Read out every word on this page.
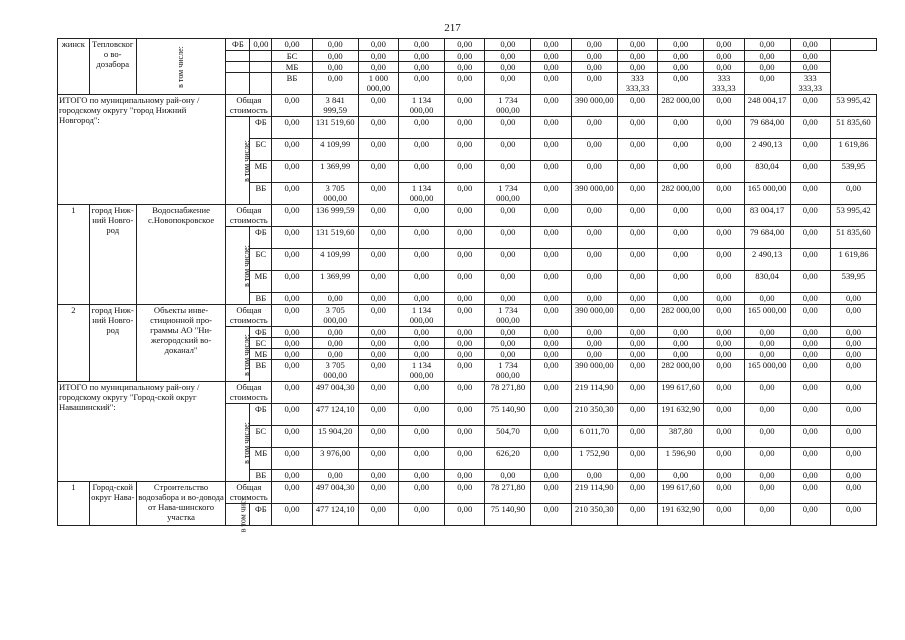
217
жинск	Тепловского во-дозабора	в том числе:	ФБ	0,00	0,00	0,00	0,00	0,00	0,00	0,00	0,00	0,00	0,00	0,00	0,00	0,00	0,00	
					БС	0,00	0,00	0,00	0,00	0,00	0,00	0,00	0,00	0,00	0,00	0,00	0,00	
					МБ	0,00	0,00	0,00	0,00	0,00	0,00	0,00	0,00	0,00	0,00	0,00	0,00	
					ВБ	0,00	1 000 000,00	0,00	0,00	0,00	0,00	0,00	333 333,33	0,00	333 333,33	0,00	333 333,33	
ИТОГО по муниципальному рай-ону / городскому округу "город Нижний Новгород":			Общая стоимость		0,00	3 841 999,59	0,00	1 134 000,00	0,00	1 734 000,00	0,00	390 000,00	0,00	282 000,00	0,00	248 004,17	0,00	53 995,42
			в том числе:	ФБ	0,00	131 519,60	0,00	0,00	0,00	0,00	0,00	0,00	0,00	0,00	0,00	79 684,00	0,00	51 835,60
				БС	0,00	4 109,99	0,00	0,00	0,00	0,00	0,00	0,00	0,00	0,00	0,00	2 490,13	0,00	1 619,86
				МБ	0,00	1 369,99	0,00	0,00	0,00	0,00	0,00	0,00	0,00	0,00	0,00	830,04	0,00	539,95
				ВБ	0,00	3 705 000,00	0,00	1 134 000,00	0,00	1 734 000,00	0,00	390 000,00	0,00	282 000,00	0,00	165 000,00	0,00	0,00
1	город Ниж-ний Новго-род	Водоснабжение с.Новопокровское	Общая стоимость		0,00	136 999,59	0,00	0,00	0,00	0,00	0,00	0,00	0,00	0,00	0,00	83 004,17	0,00	53 995,42
			в том числе:	ФБ	0,00	131 519,60	0,00	0,00	0,00	0,00	0,00	0,00	0,00	0,00	0,00	79 684,00	0,00	51 835,60
				БС	0,00	4 109,99	0,00	0,00	0,00	0,00	0,00	0,00	0,00	0,00	0,00	2 490,13	0,00	1 619,86
				МБ	0,00	1 369,99	0,00	0,00	0,00	0,00	0,00	0,00	0,00	0,00	0,00	830,04	0,00	539,95
				ВБ	0,00	0,00	0,00	0,00	0,00	0,00	0,00	0,00	0,00	0,00	0,00	0,00	0,00	0,00
2	город Ниж-ний Новго-род	Объекты инве-стиционной про-граммы АО "Ни-жегородский во-доканал"	Общая стоимость		0,00	3 705 000,00	0,00	1 134 000,00	0,00	1 734 000,00	0,00	390 000,00	0,00	282 000,00	0,00	165 000,00	0,00	0,00
			в том числе:	ФБ	0,00	0,00	0,00	0,00	0,00	0,00	0,00	0,00	0,00	0,00	0,00	0,00	0,00	0,00
				БС	0,00	0,00	0,00	0,00	0,00	0,00	0,00	0,00	0,00	0,00	0,00	0,00	0,00	0,00
				МБ	0,00	0,00	0,00	0,00	0,00	0,00	0,00	0,00	0,00	0,00	0,00	0,00	0,00	0,00
				ВБ	0,00	3 705 000,00	0,00	1 134 000,00	0,00	1 734 000,00	0,00	390 000,00	0,00	282 000,00	0,00	165 000,00	0,00	0,00
ИТОГО по муниципальному рай-ону / городскому округу "Город-ской округ Навашинский":			Общая стоимость		0,00	497 004,30	0,00	0,00	0,00	78 271,80	0,00	219 114,90	0,00	199 617,60	0,00	0,00	0,00	0,00
			в том числе:	ФБ	0,00	477 124,10	0,00	0,00	0,00	75 140,90	0,00	210 350,30	0,00	191 632,90	0,00	0,00	0,00	0,00
				БС	0,00	15 904,20	0,00	0,00	0,00	504,70	0,00	6 011,70	0,00	387,80	0,00	0,00	0,00	0,00
				МБ	0,00	3 976,00	0,00	0,00	0,00	626,20	0,00	1 752,90	0,00	1 596,90	0,00	0,00	0,00	0,00
				ВБ	0,00	0,00	0,00	0,00	0,00	0,00	0,00	0,00	0,00	0,00	0,00	0,00	0,00	0,00
1	Город-ской округ Нава-	Строительство водозабора и во-довода от Нава-шинского участка	Общая стоимость		0,00	497 004,30	0,00	0,00	0,00	78 271,80	0,00	219 114,90	0,00	199 617,60	0,00	0,00	0,00	0,00
			в том чис-	ФБ	0,00	477 124,10	0,00	0,00	0,00	75 140,90	0,00	210 350,30	0,00	191 632,90	0,00	0,00	0,00	0,00
